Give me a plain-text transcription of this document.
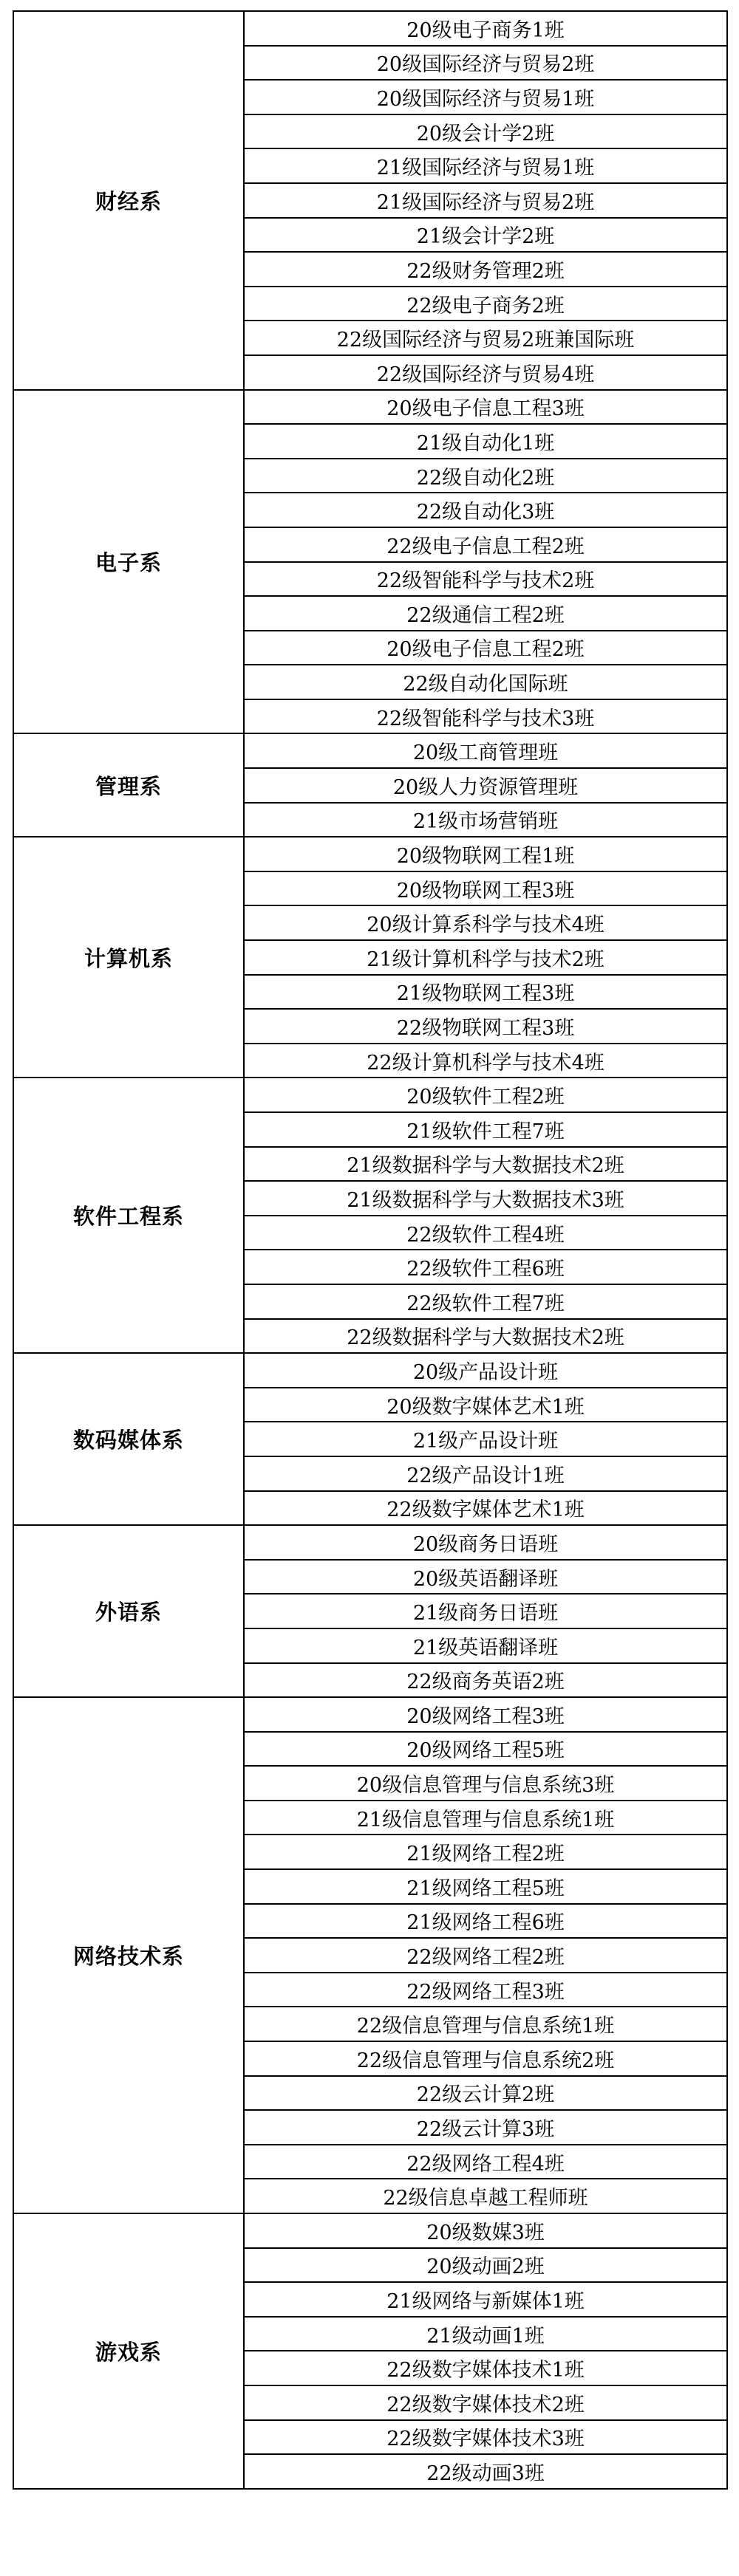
财经系	20级电子商务1班
	20级国际经济与贸易2班
	20级国际经济与贸易1班
	20级会计学2班
	21级国际经济与贸易1班
	21级国际经济与贸易2班
	21级会计学2班
	22级财务管理2班
	22级电子商务2班
	22级国际经济与贸易2班兼国际班
	22级国际经济与贸易4班
电子系	20级电子信息工程3班
	21级自动化1班
	22级自动化2班
	22级自动化3班
	22级电子信息工程2班
	22级智能科学与技术2班
	22级通信工程2班
	20级电子信息工程2班
	22级自动化国际班
	22级智能科学与技术3班
管理系	20级工商管理班
	20级人力资源管理班
	21级市场营销班
计算机系	20级物联网工程1班
	20级物联网工程3班
	20级计算系科学与技术4班
	21级计算机科学与技术2班
	21级物联网工程3班
	22级物联网工程3班
	22级计算机科学与技术4班
软件工程系	20级软件工程2班
	21级软件工程7班
	21级数据科学与大数据技术2班
	21级数据科学与大数据技术3班
	22级软件工程4班
	22级软件工程6班
	22级软件工程7班
	22级数据科学与大数据技术2班
数码媒体系	20级产品设计班
	20级数字媒体艺术1班
	21级产品设计班
	22级产品设计1班
	22级数字媒体艺术1班
外语系	20级商务日语班
	20级英语翻译班
	21级商务日语班
	21级英语翻译班
	22级商务英语2班
网络技术系	20级网络工程3班
	20级网络工程5班
	20级信息管理与信息系统3班
	21级信息管理与信息系统1班
	21级网络工程2班
	21级网络工程5班
	21级网络工程6班
	22级网络工程2班
	22级网络工程3班
	22级信息管理与信息系统1班
	22级信息管理与信息系统2班
	22级云计算2班
	22级云计算3班
	22级网络工程4班
	22级信息卓越工程师班
游戏系	20级数媒3班
	20级动画2班
	21级网络与新媒体1班
	21级动画1班
	22级数字媒体技术1班
	22级数字媒体技术2班
	22级数字媒体技术3班
	22级动画3班
